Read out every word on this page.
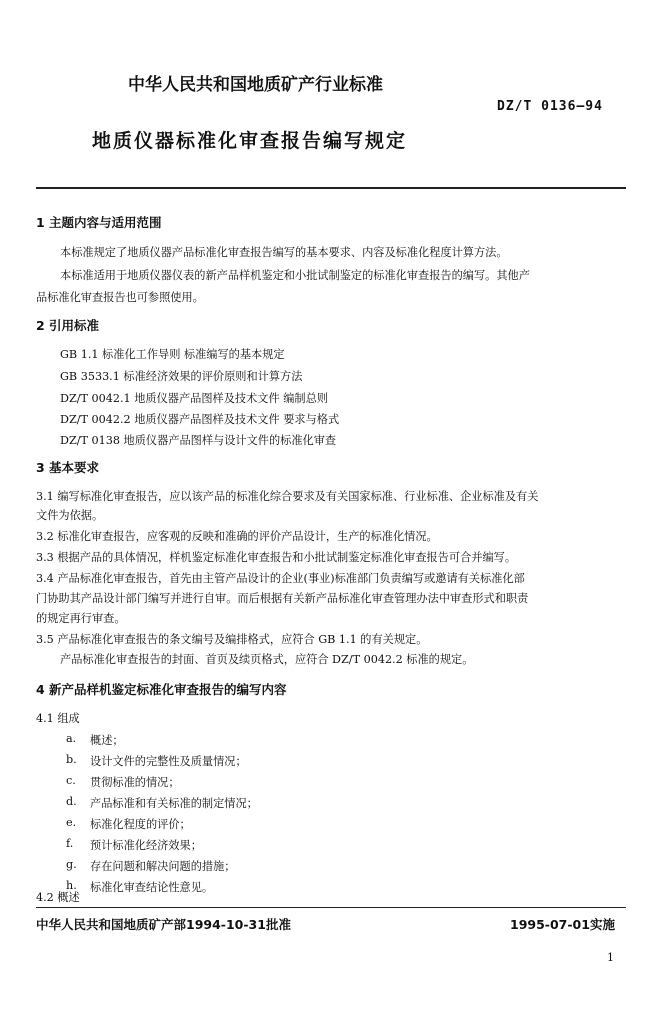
中华人民共和国地质矿产行业标准
DZ/T 0136—94
地质仪器标准化审查报告编写规定
1 主题内容与适用范围
本标准规定了地质仪器产品标准化审查报告编写的基本要求、内容及标准化程度计算方法。
本标准适用于地质仪器仪表的新产品样机鉴定和小批试制鉴定的标准化审查报告的编写。其他产
品标准化审查报告也可参照使用。
2 引用标准
GB 1.1 标准化工作导则 标准编写的基本规定
GB 3533.1 标准经济效果的评价原则和计算方法
DZ/T 0042.1 地质仪器产品图样及技术文件 编制总则
DZ/T 0042.2 地质仪器产品图样及技术文件 要求与格式
DZ/T 0138 地质仪器产品图样与设计文件的标准化审查
3 基本要求
3.1 编写标准化审查报告，应以该产品的标准化综合要求及有关国家标准、行业标准、企业标准及有关
文件为依据。
3.2 标准化审查报告，应客观的反映和准确的评价产品设计，生产的标准化情况。
3.3 根据产品的具体情况，样机鉴定标准化审查报告和小批试制鉴定标准化审查报告可合并编写。
3.4 产品标准化审查报告，首先由主管产品设计的企业(事业)标准部门负责编写或邀请有关标准化部
门协助其产品设计部门编写并进行自审。而后根据有关新产品标准化审查管理办法中审查形式和职责
的规定再行审查。
3.5 产品标准化审查报告的条文编号及编排格式，应符合 GB 1.1 的有关规定。
产品标准化审查报告的封面、首页及续页格式，应符合 DZ/T 0042.2 标准的规定。
4 新产品样机鉴定标准化审查报告的编写内容
4.1 组成
a. 概述；
b. 设计文件的完整性及质量情况；
c. 贯彻标准的情况；
d. 产品标准和有关标准的制定情况；
e. 标准化程度的评价；
f. 预计标准化经济效果；
g. 存在问题和解决问题的措施；
h. 标准化审查结论性意见。
4.2 概述
中华人民共和国地质矿产部1994-10-31批准	1995-07-01实施
1
